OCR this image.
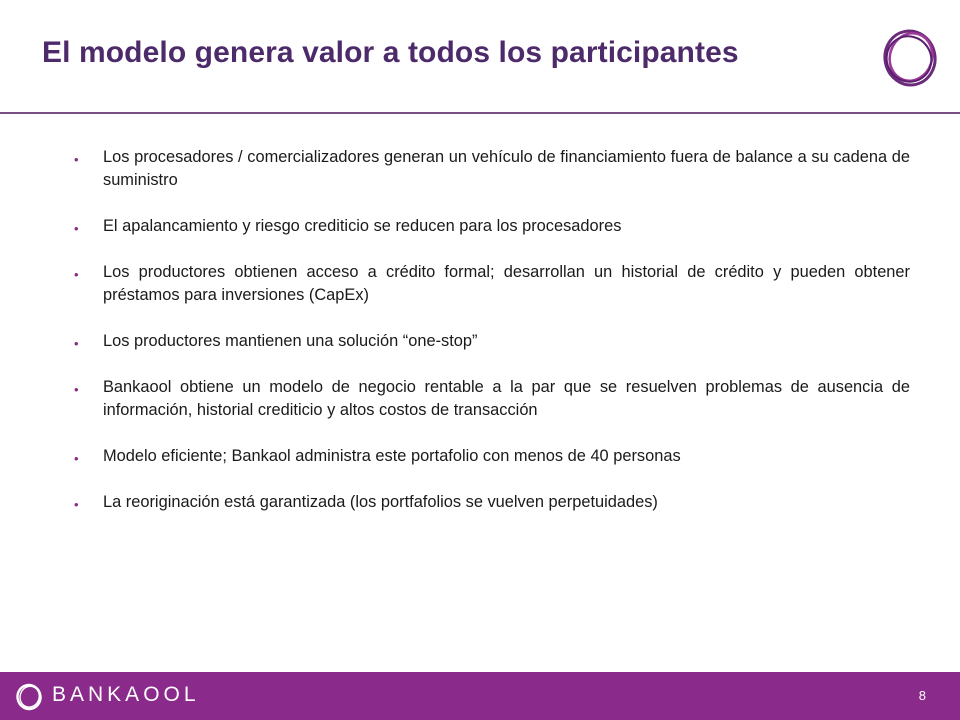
El modelo genera valor a todos los participantes
• Los procesadores / comercializadores generan un vehículo de financiamiento fuera de balance a su cadena de suministro
• El apalancamiento y riesgo crediticio se reducen para los procesadores
• Los productores obtienen acceso a crédito formal; desarrollan un historial de crédito y pueden obtener préstamos para inversiones (CapEx)
• Los productores mantienen una solución “one-stop”
• Bankaool obtiene un modelo de negocio rentable a la par que se resuelven problemas de ausencia de información, historial crediticio y altos costos de transacción
• Modelo eficiente; Bankaol administra este portafolio con menos de 40 personas
• La reoriginación está garantizada (los portfafolios se vuelven perpetuidades)
BANKAOOL	8
